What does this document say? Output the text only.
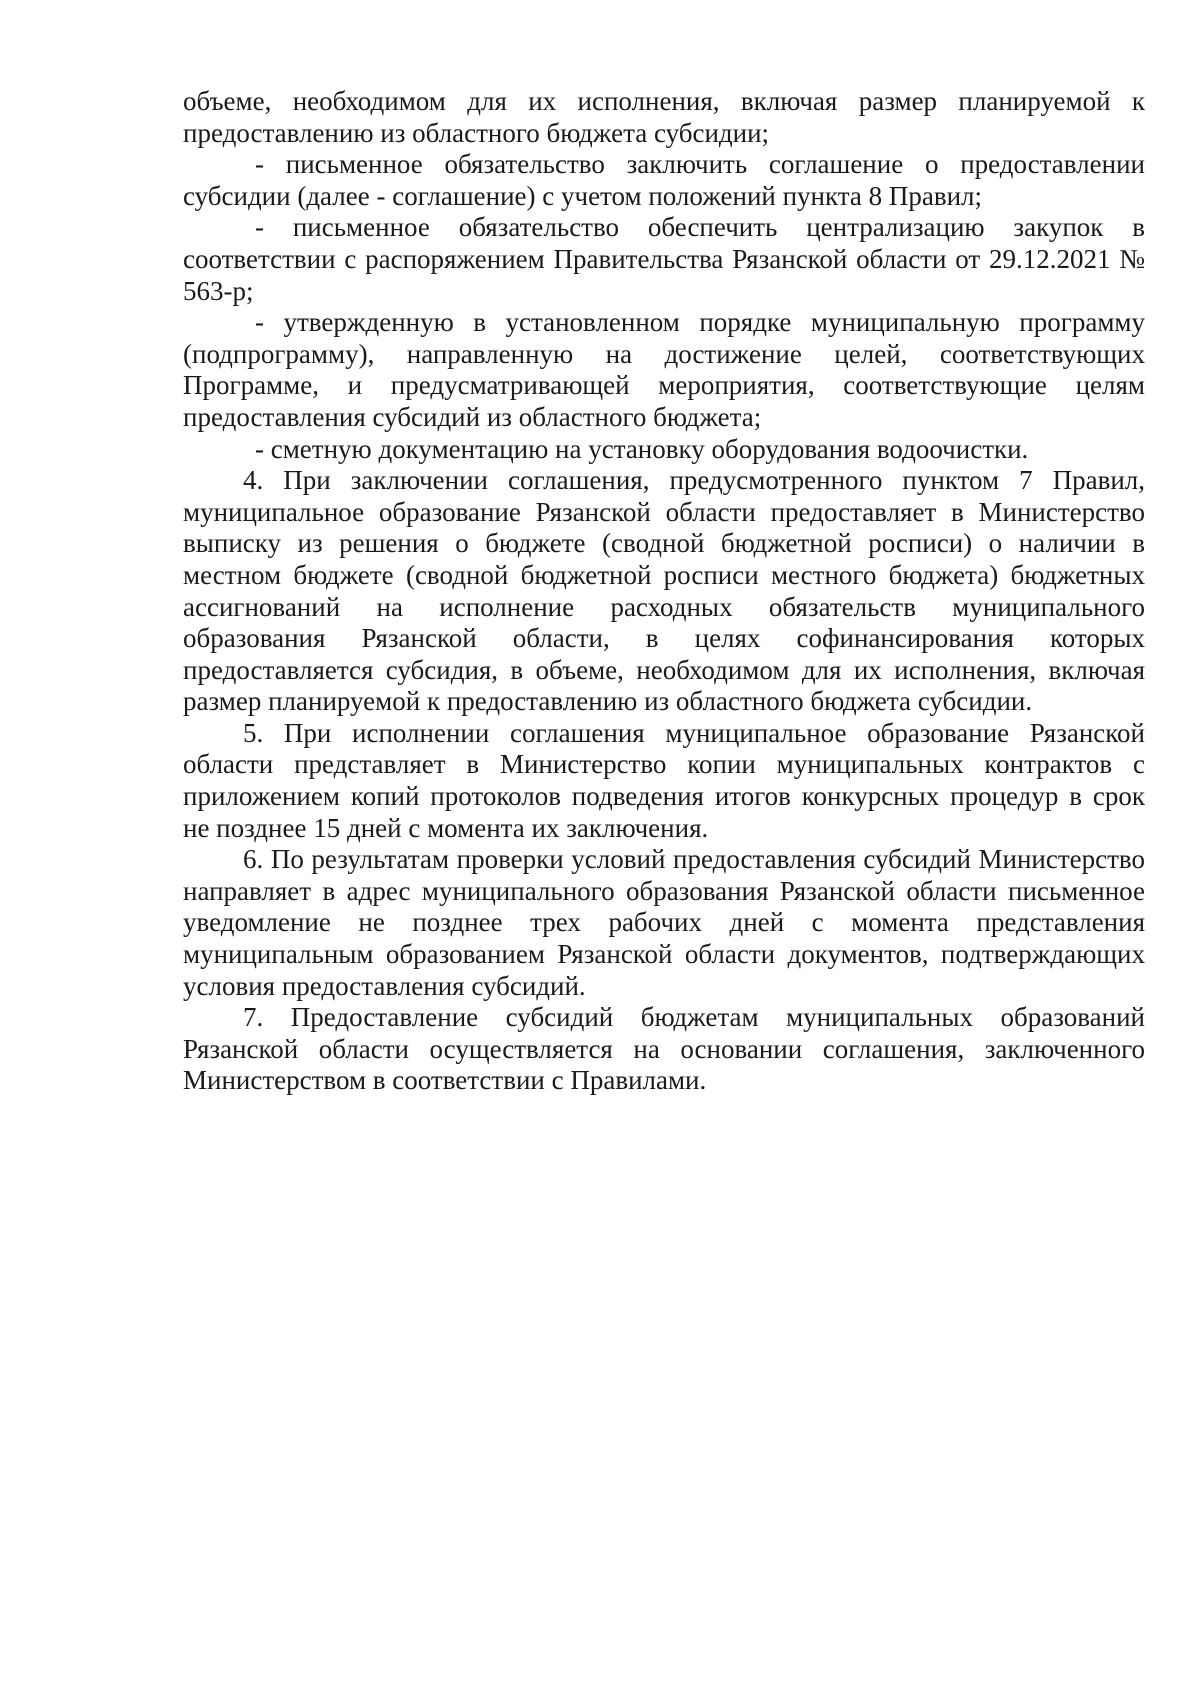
объеме, необходимом для их исполнения, включая размер планируемой к предоставлению из областного бюджета субсидии;

- письменное обязательство заключить соглашение о предоставлении субсидии (далее - соглашение) с учетом положений пункта 8 Правил;

- письменное обязательство обеспечить централизацию закупок в соответствии с распоряжением Правительства Рязанской области от 29.12.2021 № 563-р;

- утвержденную в установленном порядке муниципальную программу (подпрограмму), направленную на достижение целей, соответствующих Программе, и предусматривающей мероприятия, соответствующие целям предоставления субсидий из областного бюджета;

- сметную документацию на установку оборудования водоочистки.

4. При заключении соглашения, предусмотренного пунктом 7 Правил, муниципальное образование Рязанской области предоставляет в Министерство выписку из решения о бюджете (сводной бюджетной росписи) о наличии в местном бюджете (сводной бюджетной росписи местного бюджета) бюджетных ассигнований на исполнение расходных обязательств муниципального образования Рязанской области, в целях софинансирования которых предоставляется субсидия, в объеме, необходимом для их исполнения, включая размер планируемой к предоставлению из областного бюджета субсидии.

5. При исполнении соглашения муниципальное образование Рязанской области представляет в Министерство копии муниципальных контрактов с приложением копий протоколов подведения итогов конкурсных процедур в срок не позднее 15 дней с момента их заключения.

6. По результатам проверки условий предоставления субсидий Министерство направляет в адрес муниципального образования Рязанской области письменное уведомление не позднее трех рабочих дней с момента представления муниципальным образованием Рязанской области документов, подтверждающих условия предоставления субсидий.

7. Предоставление субсидий бюджетам муниципальных образований Рязанской области осуществляется на основании соглашения, заключенного Министерством в соответствии с Правилами.
